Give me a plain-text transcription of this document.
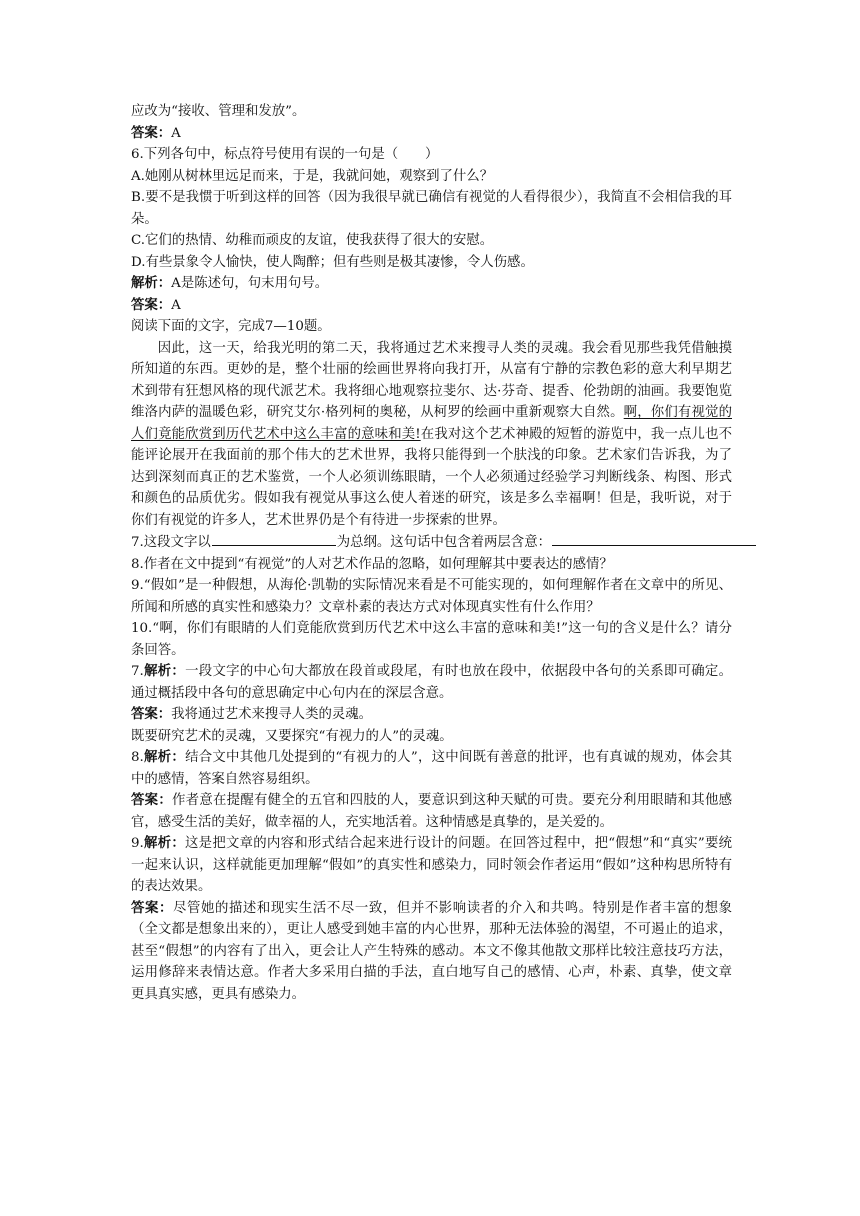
应改为“接收、管理和发放”。
答案：A
6.下列各句中，标点符号使用有误的一句是（　　）
A.她刚从树林里远足而来，于是，我就问她，观察到了什么？
B.要不是我惯于听到这样的回答（因为我很早就已确信有视觉的人看得很少），我简直不会相信我的耳朵。
C.它们的热情、幼稚而顽皮的友谊，使我获得了很大的安慰。
D.有些景象令人愉快，使人陶醉；但有些则是极其凄惨，令人伤感。
解析：A是陈述句，句末用句号。
答案：A
阅读下面的文字，完成7—10题。
因此，这一天，给我光明的第二天，我将通过艺术来搜寻人类的灵魂。我会看见那些我凭借触摸所知道的东西。更妙的是，整个壮丽的绘画世界将向我打开，从富有宁静的宗教色彩的意大利早期艺术到带有狂想风格的现代派艺术。我将细心地观察拉斐尔、达·芬奇、提香、伦勃朗的油画。我要饱览维洛内萨的温暖色彩，研究艾尔·格列柯的奥秘，从柯罗的绘画中重新观察大自然。啊，你们有视觉的人们竟能欣赏到历代艺术中这么丰富的意味和美!在我对这个艺术神殿的短暂的游览中，我一点儿也不能评论展开在我面前的那个伟大的艺术世界，我将只能得到一个肤浅的印象。艺术家们告诉我，为了达到深刻而真正的艺术鉴赏，一个人必须训练眼睛，一个人必须通过经验学习判断线条、构图、形式和颜色的品质优劣。假如我有视觉从事这么使人着迷的研究，该是多么幸福啊！但是，我听说，对于你们有视觉的许多人，艺术世界仍是个有待进一步探索的世界。
7.这段文字以	为总纲。这句话中包含着两层含意：
8.作者在文中提到“有视觉”的人对艺术作品的忽略，如何理解其中要表达的感情？
9.“假如”是一种假想，从海伦·凯勒的实际情况来看是不可能实现的，如何理解作者在文章中的所见、所闻和所感的真实性和感染力？文章朴素的表达方式对体现真实性有什么作用？
10.“啊，你们有眼睛的人们竟能欣赏到历代艺术中这么丰富的意味和美!”这一句的含义是什么？请分条回答。
7.解析：一段文字的中心句大都放在段首或段尾，有时也放在段中，依据段中各句的关系即可确定。通过概括段中各句的意思确定中心句内在的深层含意。
答案：我将通过艺术来搜寻人类的灵魂。
既要研究艺术的灵魂，又要探究“有视力的人”的灵魂。
8.解析：结合文中其他几处提到的“有视力的人”，这中间既有善意的批评，也有真诚的规劝，体会其中的感情，答案自然容易组织。
答案：作者意在提醒有健全的五官和四肢的人，要意识到这种天赋的可贵。要充分利用眼睛和其他感官，感受生活的美好，做幸福的人，充实地活着。这种情感是真挚的，是关爱的。
9.解析：这是把文章的内容和形式结合起来进行设计的问题。在回答过程中，把“假想”和“真实”要统一起来认识，这样就能更加理解“假如”的真实性和感染力，同时领会作者运用“假如”这种构思所特有的表达效果。
答案：尽管她的描述和现实生活不尽一致，但并不影响读者的介入和共鸣。特别是作者丰富的想象（全文都是想象出来的），更让人感受到她丰富的内心世界，那种无法体验的渴望，不可遏止的追求，甚至“假想”的内容有了出入，更会让人产生特殊的感动。本文不像其他散文那样比较注意技巧方法，运用修辞来表情达意。作者大多采用白描的手法，直白地写自己的感情、心声，朴素、真挚，使文章更具真实感，更具有感染力。
